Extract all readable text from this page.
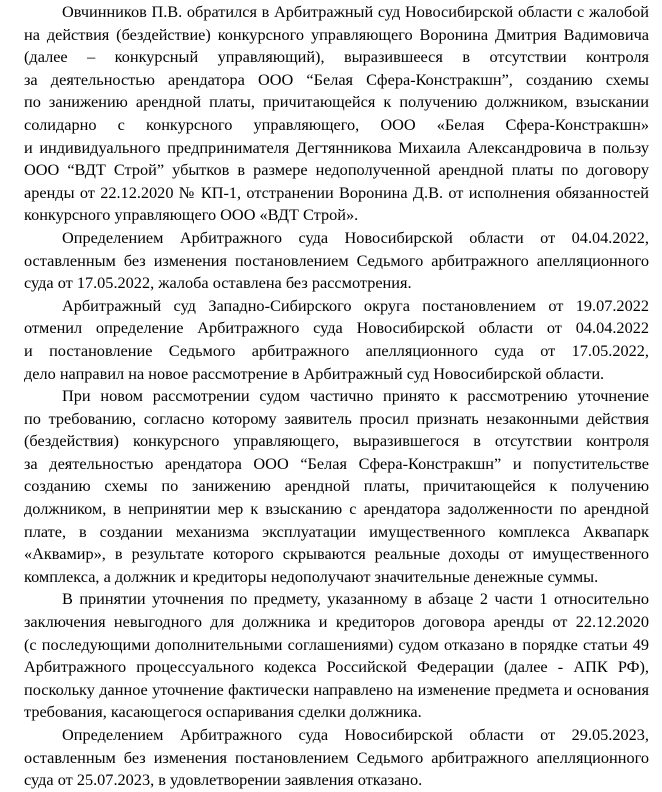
Овчинников П.В. обратился в Арбитражный суд Новосибирской области с жалобой
на действия (бездействие) конкурсного управляющего Воронина Дмитрия Вадимовича
(далее – конкурсный управляющий), выразившееся в отсутствии контроля
за деятельностью арендатора ООО “Белая Сфера-Констракшн”, созданию схемы
по занижению арендной платы, причитающейся к получению должником, взыскании
солидарно с конкурсного управляющего, ООО «Белая Сфера-Констракшн»
и индивидуального предпринимателя Дегтянникова Михаила Александровича в пользу
ООО “ВДТ Строй” убытков в размере недополученной арендной платы по договору
аренды от 22.12.2020 № КП-1, отстранении Воронина Д.В. от исполнения обязанностей
конкурсного управляющего ООО «ВДТ Строй».
Определением Арбитражного суда Новосибирской области от 04.04.2022,
оставленным без изменения постановлением Седьмого арбитражного апелляционного
суда от 17.05.2022, жалоба оставлена без рассмотрения.
Арбитражный суд Западно-Сибирского округа постановлением от 19.07.2022
отменил определение Арбитражного суда Новосибирской области от 04.04.2022
и постановление Седьмого арбитражного апелляционного суда от 17.05.2022,
дело направил на новое рассмотрение в Арбитражный суд Новосибирской области.
При новом рассмотрении судом частично принято к рассмотрению уточнение
по требованию, согласно которому заявитель просил признать незаконными действия
(бездействия) конкурсного управляющего, выразившегося в отсутствии контроля
за деятельностью арендатора ООО “Белая Сфера-Констракшн” и попустительстве
созданию схемы по занижению арендной платы, причитающейся к получению
должником, в непринятии мер к взысканию с арендатора задолженности по арендной
плате, в создании механизма эксплуатации имущественного комплекса Аквапарк
«Аквамир», в результате которого скрываются реальные доходы от имущественного
комплекса, а должник и кредиторы недополучают значительные денежные суммы.
В принятии уточнения по предмету, указанному в абзаце 2 части 1 относительно
заключения невыгодного для должника и кредиторов договора аренды от 22.12.2020
(с последующими дополнительными соглашениями) судом отказано в порядке статьи 49
Арбитражного процессуального кодекса Российской Федерации (далее - АПК РФ),
поскольку данное уточнение фактически направлено на изменение предмета и основания
требования, касающегося оспаривания сделки должника.
Определением Арбитражного суда Новосибирской области от 29.05.2023,
оставленным без изменения постановлением Седьмого арбитражного апелляционного
суда от 25.07.2023, в удовлетворении заявления отказано.
